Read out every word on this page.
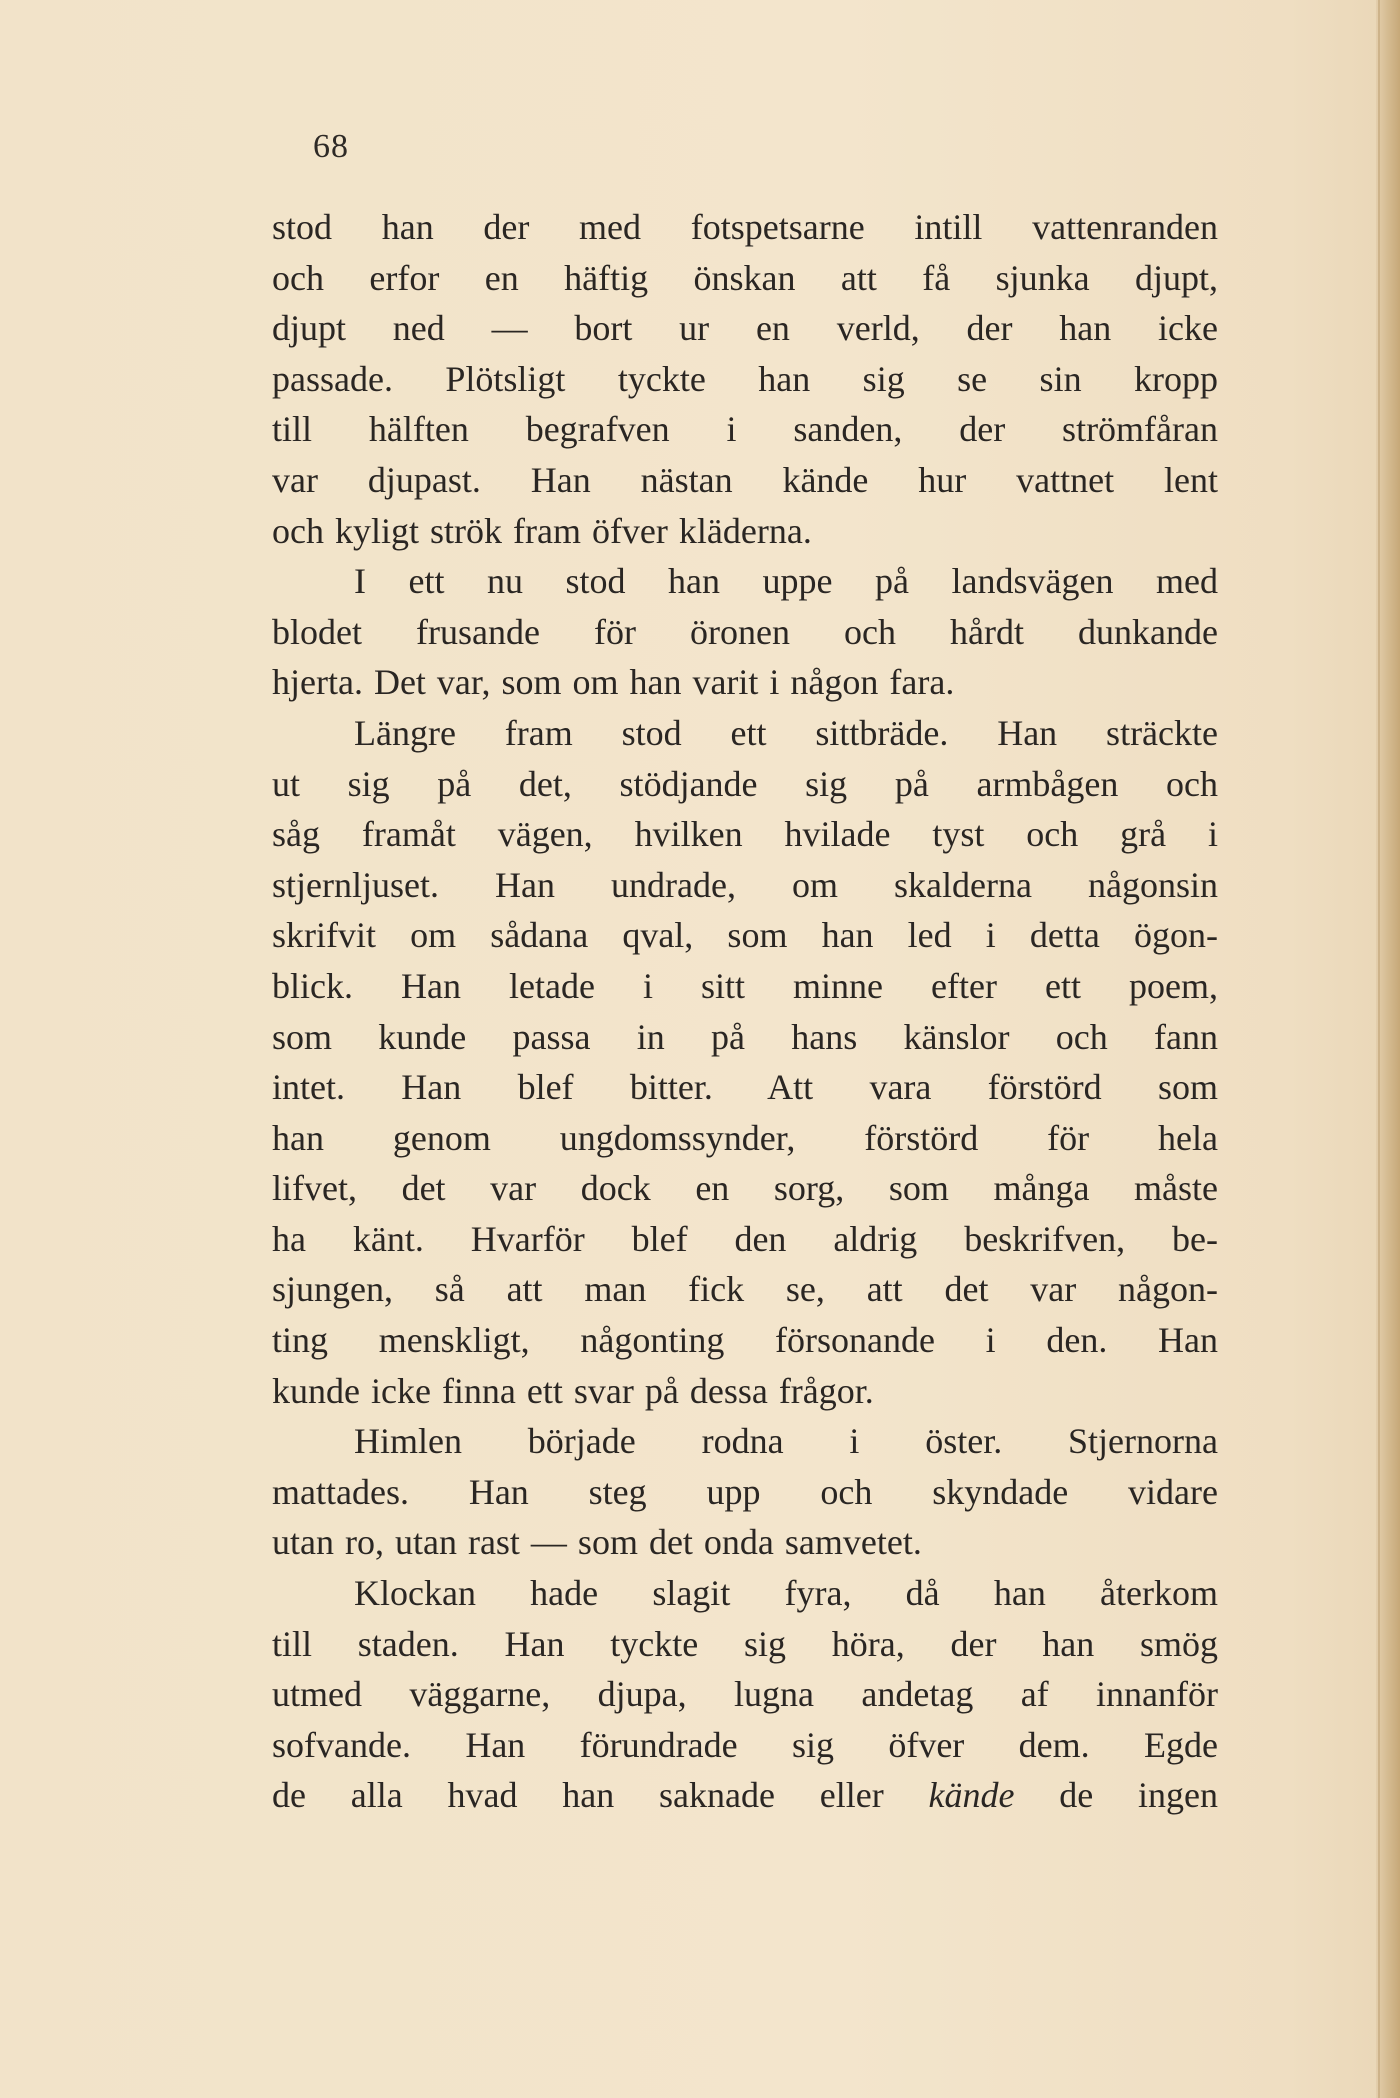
68
stod han der med fotspetsarne intill vattenranden
och erfor en häftig önskan att få sjunka djupt,
djupt ned — bort ur en verld, der han icke
passade. Plötsligt tyckte han sig se sin kropp
till hälften begrafven i sanden, der strömfåran
var djupast. Han nästan kände hur vattnet lent
och kyligt strök fram öfver kläderna.
I ett nu stod han uppe på landsvägen med
blodet frusande för öronen och hårdt dunkande
hjerta. Det var, som om han varit i någon fara.
Längre fram stod ett sittbräde. Han sträckte
ut sig på det, stödjande sig på armbågen och
såg framåt vägen, hvilken hvilade tyst och grå i
stjernljuset. Han undrade, om skalderna någonsin
skrifvit om sådana qval, som han led i detta ögon-
blick. Han letade i sitt minne efter ett poem,
som kunde passa in på hans känslor och fann
intet. Han blef bitter. Att vara förstörd som
han genom ungdomssynder, förstörd för hela
lifvet, det var dock en sorg, som många måste
ha känt. Hvarför blef den aldrig beskrifven, be-
sjungen, så att man fick se, att det var någon-
ting menskligt, någonting försonande i den. Han
kunde icke finna ett svar på dessa frågor.
Himlen började rodna i öster. Stjernorna
mattades. Han steg upp och skyndade vidare
utan ro, utan rast — som det onda samvetet.
Klockan hade slagit fyra, då han återkom
till staden. Han tyckte sig höra, der han smög
utmed väggarne, djupa, lugna andetag af innanför
sofvande. Han förundrade sig öfver dem. Egde
de alla hvad han saknade eller kände de ingen
